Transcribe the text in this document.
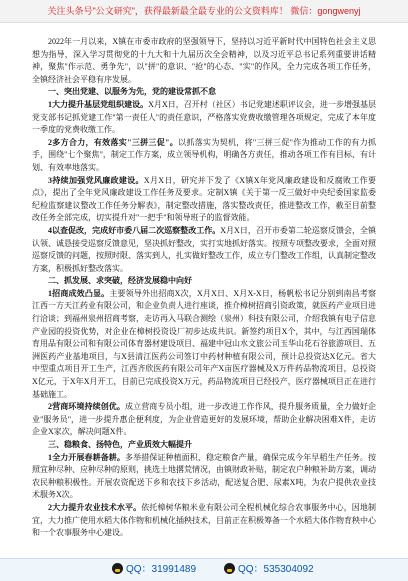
关注头条号"公文研究"，获得最新最全最专业的公文资料库！ 微信：gongwenyj

2022年一月以来，X镇在市委市政府的坚强领导下，坚持以习近平新时代中国特色社会主义思想为指导，深入学习贯彻党的十九大和十九届历次全会精神，以及习近平总书记系列重要讲话精神，聚焦"作示范、勇争先"，以"拼"的意识、"抢"的心态、"实"的作风，全力完成各项工作任务，全镇经济社会平稳有序发展。

一、突出党建、以服务为先，党的建设常抓不怠

1大力提升基层党组织建设。X月X日，召开村（社区）书记党建述职评议会，进一步增强基层党支部书记抓党建工作"第一责任人"的责任意识，严格落实党费收缴管理各项规定，完成了本年度一季度的党费收缴工作。

2多方合力，有效落实"三拼三促"。以抓落实为契机，将"三拼三促"作为推动工作的有力抓手，围绕"七个聚焦"，制定工作方案，成立领导机构，明确各方责任，推动各项工作有目标、有计划、有效率地落实。

3持续加强党风廉政建设。X月X日，研究并下发了《X镇X年党风廉政建设和反腐败工作要点》，提出了全年党风廉政建设工作任务及要求。定制X镇《关于第一反三做好中央纪委国家监委纪检监察建议整改工作任务分解表》，制定整改措施，落实整改责任，推进整改工作，截至目前整改任务全部完成，切实提升对"一把手"和领导班子的监督效能。

4以查促改，完成好市委八届二次巡察整改工作。X月X日，召开市委第二轮巡察反馈会，全镇认领、诚恳接受巡察反馈意见，坚决抓好整改，实打实地抓好落实。按照专项整改要求，全面对照巡察反馈的问题，按照时限、落实到人，扎实做好整改工作，成立专门整改工作组，认真制定整改方案，积极抓好整改落实。

二、抓发展、求突破，经济发展稳中向好

1招商成效凸显。主要领导外出招商X次，X月X日、X月X-X日，杨帆松书记分别到南昌考察江西一方天江药业有限公司，和企业负责人进行座谈，推介樟树招商引资政策，就医药产业项目进行洽谈；到福州泉州招商考察，走访再入马联合测绘（泉州）科技有限公司，介绍我镇有电子信息产业园的投资优势，对企业在樟树投资设厂初步达成共识。新签约项目X个，其中，与江西国瑞体育用品有限公司和有限公司体育器材建设项目、福建中冠山水文旅公司玉华山花石谷旅游项目、五洲医药产业基地项目，与X县清江医药公司签订中药材种植有限公司，预计总投资达X亿元。省大中型重点项目开工生产，江西齐欣医药有限公司年产X亩医疗器械及X万件药品物流项目，总投资X亿元，于X年X月开工，目前已完成投资X万元，药品物流项目已经投产，医疗器械项目正在进行基础施工。

2营商环境持续创优。成立营商专员小组，进一步改进工作作风，提升服务质量，全力做好企业"服务员"，进一步提升惠企便利度，为企业营造更好的发展环境，帮助企业解决困难X件，走访企业X家次，解决问题X件。

三、稳粮食、扬特色，产业质效大幅提升

1全力开展春耕备耕。多举措保证种植面积、稳定粮食产量，确保完成今年早稻生产任务。按照宜种尽种、应种尽种的原则，挑选土地撂荒情况，由镇财政补贴，制定农户种粮补助方案，调动农民种粮积极性。开展农资配送下乡和农技下乡活动，配送复合肥、尿素X吨，为农户提供农业技术服务X次。

2大力提升农业技术水平。依托樟树华粮米业有限公司全程机械化综合农事服务中心，因地制宜，大力推广使用水稻大体作物和机械化插秧技术，目前正在积极筹备一个水稻大体作物育秧中心和一个农事服务中心建设。

QQ：31991489	QQ：535304092
